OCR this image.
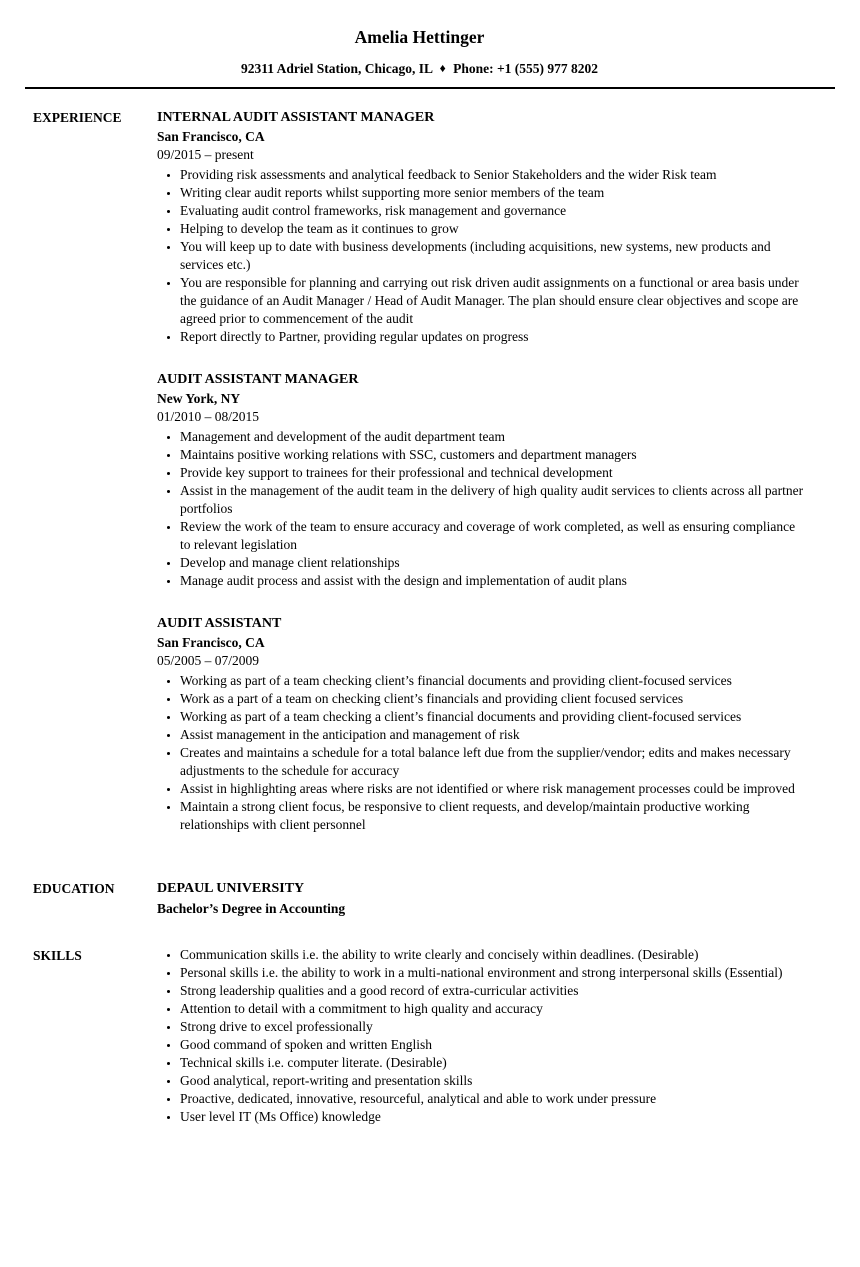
Amelia Hettinger
92311 Adriel Station, Chicago, IL ♦ Phone: +1 (555) 977 8202
EXPERIENCE	INTERNAL AUDIT ASSISTANT MANAGER
San Francisco, CA
09/2015 – present
• Providing risk assessments and analytical feedback to Senior Stakeholders and the wider Risk team
• Writing clear audit reports whilst supporting more senior members of the team
• Evaluating audit control frameworks, risk management and governance
• Helping to develop the team as it continues to grow
• You will keep up to date with business developments (including acquisitions, new systems, new products and services etc.)
• You are responsible for planning and carrying out risk driven audit assignments on a functional or area basis under the guidance of an Audit Manager / Head of Audit Manager. The plan should ensure clear objectives and scope are agreed prior to commencement of the audit
• Report directly to Partner, providing regular updates on progress
AUDIT ASSISTANT MANAGER
New York, NY
01/2010 – 08/2015
• Management and development of the audit department team
• Maintains positive working relations with SSC, customers and department managers
• Provide key support to trainees for their professional and technical development
• Assist in the management of the audit team in the delivery of high quality audit services to clients across all partner portfolios
• Review the work of the team to ensure accuracy and coverage of work completed, as well as ensuring compliance to relevant legislation
• Develop and manage client relationships
• Manage audit process and assist with the design and implementation of audit plans
AUDIT ASSISTANT
San Francisco, CA
05/2005 – 07/2009
• Working as part of a team checking client’s financial documents and providing client-focused services
• Work as a part of a team on checking client’s financials and providing client focused services
• Working as part of a team checking a client’s financial documents and providing client-focused services
• Assist management in the anticipation and management of risk
• Creates and maintains a schedule for a total balance left due from the supplier/vendor; edits and makes necessary adjustments to the schedule for accuracy
• Assist in highlighting areas where risks are not identified or where risk management processes could be improved
• Maintain a strong client focus, be responsive to client requests, and develop/maintain productive working relationships with client personnel
EDUCATION	DEPAUL UNIVERSITY
Bachelor’s Degree in Accounting
SKILLS	• Communication skills i.e. the ability to write clearly and concisely within deadlines. (Desirable)
• Personal skills i.e. the ability to work in a multi-national environment and strong interpersonal skills (Essential)
• Strong leadership qualities and a good record of extra-curricular activities
• Attention to detail with a commitment to high quality and accuracy
• Strong drive to excel professionally
• Good command of spoken and written English
• Technical skills i.e. computer literate. (Desirable)
• Good analytical, report-writing and presentation skills
• Proactive, dedicated, innovative, resourceful, analytical and able to work under pressure
• User level IT (Ms Office) knowledge
